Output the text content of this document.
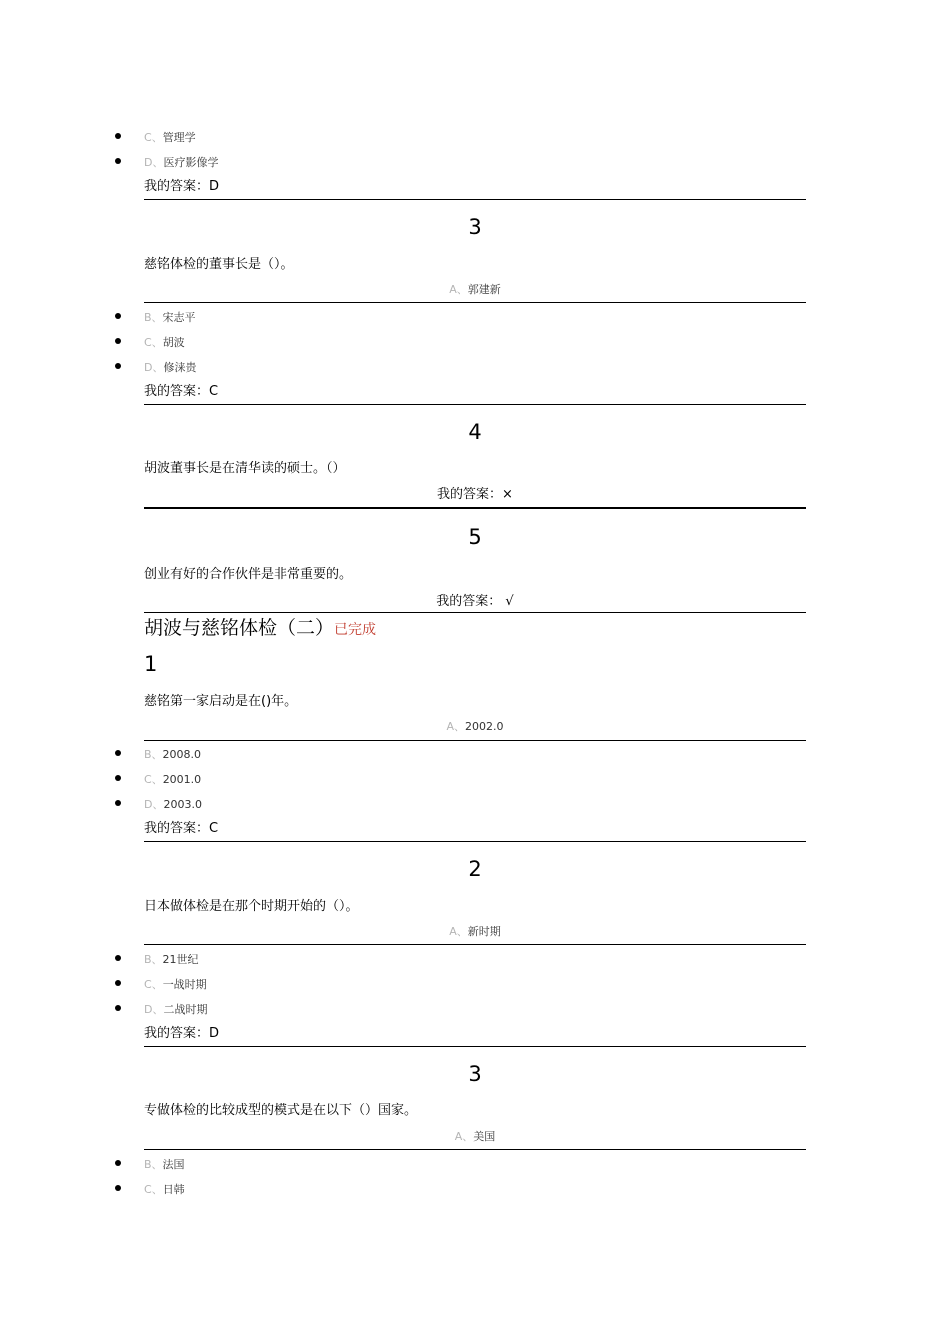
C、管理学
D、医疗影像学
我的答案：D
3
慈铭体检的董事长是（）。
A、郭建新
B、宋志平
C、胡波
D、修涞贵
我的答案：C
4
胡波董事长是在清华读的硕士。（）
我的答案：×
5
创业有好的合作伙伴是非常重要的。
我的答案： √
胡波与慈铭体检（二）已完成
1
慈铭第一家启动是在()年。
A、2002.0
B、2008.0
C、2001.0
D、2003.0
我的答案：C
2
日本做体检是在那个时期开始的（）。
A、新时期
B、21世纪
C、一战时期
D、二战时期
我的答案：D
3
专做体检的比较成型的模式是在以下（）国家。
A、美国
B、法国
C、日韩
